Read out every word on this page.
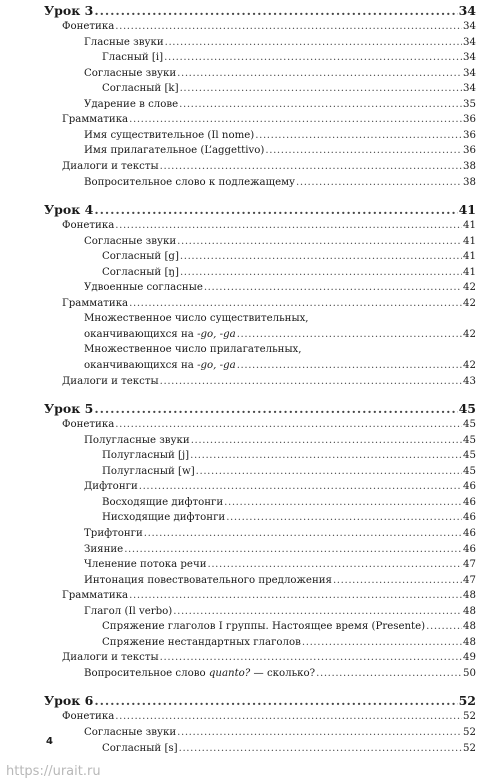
Урок 3 .....	34
Фонетика .....	34
Гласные звуки .....	34
Гласный [i] .....	34
Согласные звуки .....	34
Согласный [k] .....	34
Ударение в слове .....	35
Грамматика .....	36
Имя существительное (Il nome) .....	36
Имя прилагательное (L’aggettivo) .....	36
Диалоги и тексты .....	38
Вопросительное слово к подлежащему .....	38
Урок 4 .....	41
Фонетика .....	41
Согласные звуки .....	41
Согласный [g] .....	41
Согласный [ŋ] .....	41
Удвоенные согласные .....	42
Грамматика .....	42
Множественное число существительных,
оканчивающихся на -go, -ga .....	42
Множественное число прилагательных,
оканчивающихся на -go, -ga .....	42
Диалоги и тексты .....	43
Урок 5 .....	45
Фонетика .....	45
Полугласные звуки .....	45
Полугласный [j] .....	45
Полугласный [w] .....	45
Дифтонги .....	46
Восходящие дифтонги .....	46
Нисходящие дифтонги .....	46
Трифтонги .....	46
Зияние .....	46
Членение потока речи .....	47
Интонация повествовательного предложения .....	47
Грамматика .....	48
Глагол (Il verbo) .....	48
Спряжение глаголов I группы. Настоящее время (Presente) .....	48
Спряжение нестандартных глаголов .....	48
Диалоги и тексты .....	49
Вопросительное слово quanto? — сколько? .....	50
Урок 6 .....	52
Фонетика .....	52
Согласные звуки .....	52
Согласный [s] .....	52
4
https://urait.ru
